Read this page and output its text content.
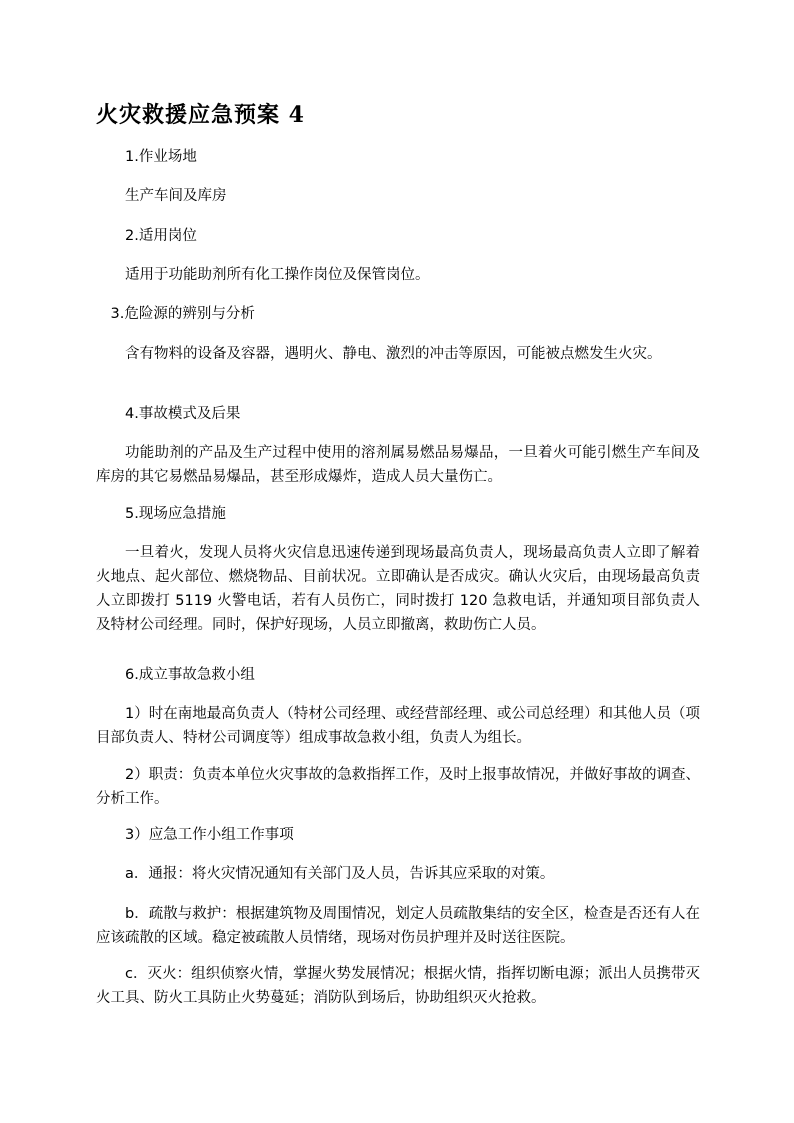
火灾救援应急预案 4

1.作业场地

生产车间及库房

2.适用岗位

适用于功能助剂所有化工操作岗位及保管岗位。

3.危险源的辨别与分析

含有物料的设备及容器，遇明火、静电、激烈的冲击等原因，可能被点燃发生火灾。

4.事故模式及后果

功能助剂的产品及生产过程中使用的溶剂属易燃品易爆品，一旦着火可能引燃生产车间及库房的其它易燃品易爆品，甚至形成爆炸，造成人员大量伤亡。

5.现场应急措施

一旦着火，发现人员将火灾信息迅速传递到现场最高负责人，现场最高负责人立即了解着火地点、起火部位、燃烧物品、目前状况。立即确认是否成灾。确认火灾后，由现场最高负责人立即拨打 5119 火警电话，若有人员伤亡，同时拨打 120 急救电话，并通知项目部负责人及特材公司经理。同时，保护好现场，人员立即撤离，救助伤亡人员。

6.成立事故急救小组

1）时在南地最高负责人（特材公司经理、或经营部经理、或公司总经理）和其他人员（项目部负责人、特材公司调度等）组成事故急救小组，负责人为组长。

2）职责：负责本单位火灾事故的急救指挥工作，及时上报事故情况，并做好事故的调查、分析工作。

3）应急工作小组工作事项

a．通报：将火灾情况通知有关部门及人员，告诉其应采取的对策。

b．疏散与救护：根据建筑物及周围情况，划定人员疏散集结的安全区，检查是否还有人在应该疏散的区域。稳定被疏散人员情绪，现场对伤员护理并及时送往医院。

c．灭火：组织侦察火情，掌握火势发展情况；根据火情，指挥切断电源；派出人员携带灭火工具、防火工具防止火势蔓延；消防队到场后，协助组织灭火抢救。
